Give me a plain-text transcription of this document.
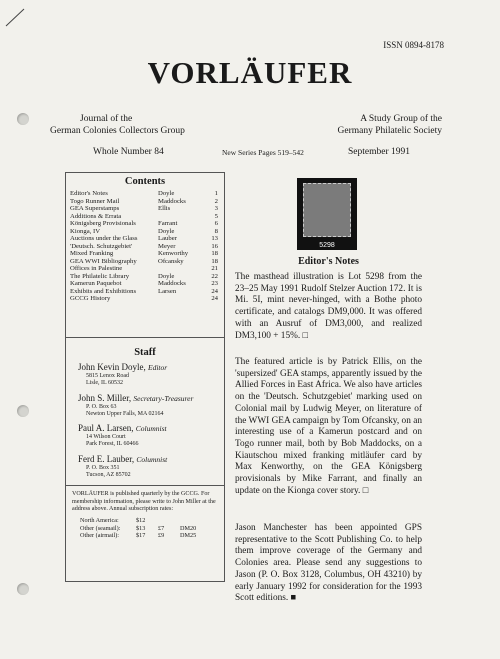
ISSN 0894-8178
VORLÄUFER
Journal of the
German Colonies Collectors Group
A Study Group of the
Germany Philatelic Society
Whole Number 84	New Series Pages 519–542	September 1991
Contents
Editor's Notes	Doyle	1
Togo Runner Mail	Maddocks	2
GEA Superstamps	Ellis	3
Additions & Errata	5
Königsberg Provisionals	Farrant	6
Kionga, IV	Doyle	8
Auctions under the Glass	Lauber	13
'Deutsch. Schutzgebiet'	Meyer	16
Mixed Franking	Kenworthy	18
GEA WWI Bibliography	Ofcansky	18
Offices in Palestine	21
The Philatelic Library	Doyle	22
Kamerun Paquebot	Maddocks	23
Exhibits and Exhibitions	Larsen	24
GCCG History	24
Staff
John Kevin Doyle, Editor
5815 Lenox Road
Lisle, IL 60532
John S. Miller, Secretary-Treasurer
P. O. Box 63
Newton Upper Falls, MA 02164
Paul A. Larsen, Columnist
14 Wilson Court
Park Forest, IL 60466
Ferd E. Lauber, Columnist
P. O. Box 351
Tucson, AZ 85702
VORLÄUFER is published quarterly by the GCCG. For membership information, please write to John Miller at the address above. Annual subscription rates:
North America:	$12
Other (seamail):	$13	£7	DM20
Other (airmail):	$17	£9	DM25
5298
Editor's Notes
The masthead illustration is Lot 5298 from the 23–25 May 1991 Rudolf Stelzer Auction 172. It is Mi. 5I, mint never-hinged, with a Bothe photo certificate, and catalogs DM9,000. It was offered with an Ausruf of DM3,000, and realized DM3,100 + 15%. □
The featured article is by Patrick Ellis, on the 'supersized' GEA stamps, apparently issued by the Allied Forces in East Africa. We also have articles on the 'Deutsch. Schutzgebiet' marking used on Colonial mail by Ludwig Meyer, on literature of the WWI GEA campaign by Tom Ofcansky, on an interesting use of a Kamerun postcard and on Togo runner mail, both by Bob Maddocks, on a Kiautschou mixed franking mitläufer card by Max Kenworthy, on the GEA Königsberg provisionals by Mike Farrant, and finally an update on the Kionga cover story. □
Jason Manchester has been appointed GPS representative to the Scott Publishing Co. to help them improve coverage of the Germany and Colonies area. Please send any suggestions to Jason (P. O. Box 3128, Columbus, OH 43210) by early January 1992 for consideration for the 1993 Scott editions. ■
